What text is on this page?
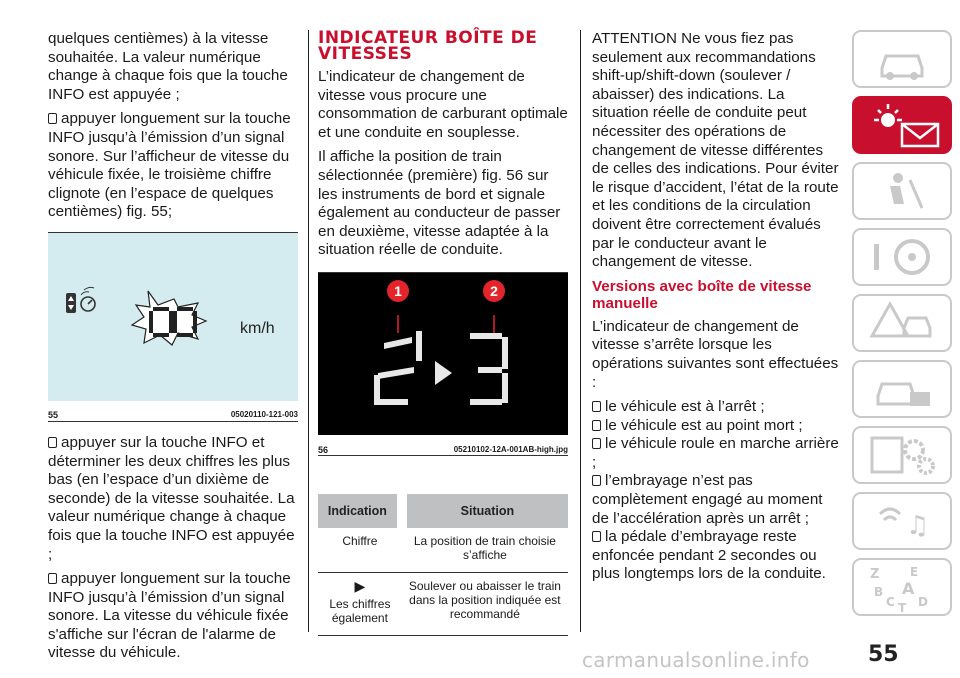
quelques centièmes) à la vitesse souhaitée. La valeur numérique change à chaque fois que la touche INFO est appuyée ;

appuyer longuement sur la touche INFO jusqu’à l’émission d’un signal sonore. Sur l’afficheur de vitesse du véhicule fixée, le troisième chiffre clignote (en l’espace de quelques centièmes) fig. 55;

km/h
55	05020110-121-003

appuyer sur la touche INFO et déterminer les deux chiffres les plus bas (en l’espace d’un dixième de seconde) de la vitesse souhaitée. La valeur numérique change à chaque fois que la touche INFO est appuyée ;

appuyer longuement sur la touche INFO jusqu’à l’émission d’un signal sonore. La vitesse du véhicule fixée s'affiche sur l'écran de l'alarme de vitesse du véhicule.

INDICATEUR BOÎTE DE VITESSES

L’indicateur de changement de vitesse vous procure une consommation de carburant optimale et une conduite en souplesse.

Il affiche la position de train sélectionnée (première) fig. 56 sur les instruments de bord et signale également au conducteur de passer en deuxième, vitesse adaptée à la situation réelle de conduite.

1	2
56	05210102-12A-001AB-high.jpg
Indication	Situation
Chiffre	La position de train choisie s’affiche

▶
Les chiffres également	Soulever ou abaisser le train dans la position indiquée est recommandé

ATTENTION Ne vous fiez pas seulement aux recommandations shift-up/shift-down (soulever / abaisser) des indications. La situation réelle de conduite peut nécessiter des opérations de changement de vitesse différentes de celles des indications. Pour éviter le risque d’accident, l’état de la route et les conditions de la circulation doivent être correctement évalués par le conducteur avant le changement de vitesse.

Versions avec boîte de vitesse manuelle

L’indicateur de changement de vitesse s’arrête lorsque les opérations suivantes sont effectuées :

le véhicule est à l’arrêt ;

le véhicule est au point mort ;

le véhicule roule en marche arrière ;

l’embrayage n’est pas complètement engagé au moment de l’accélération après un arrêt ;

la pédale d’embrayage reste enfoncée pendant 2 secondes ou plus longtemps lors de la conduite.

♫
Z	E
B A
C T D
carmanualsonline.info	55
